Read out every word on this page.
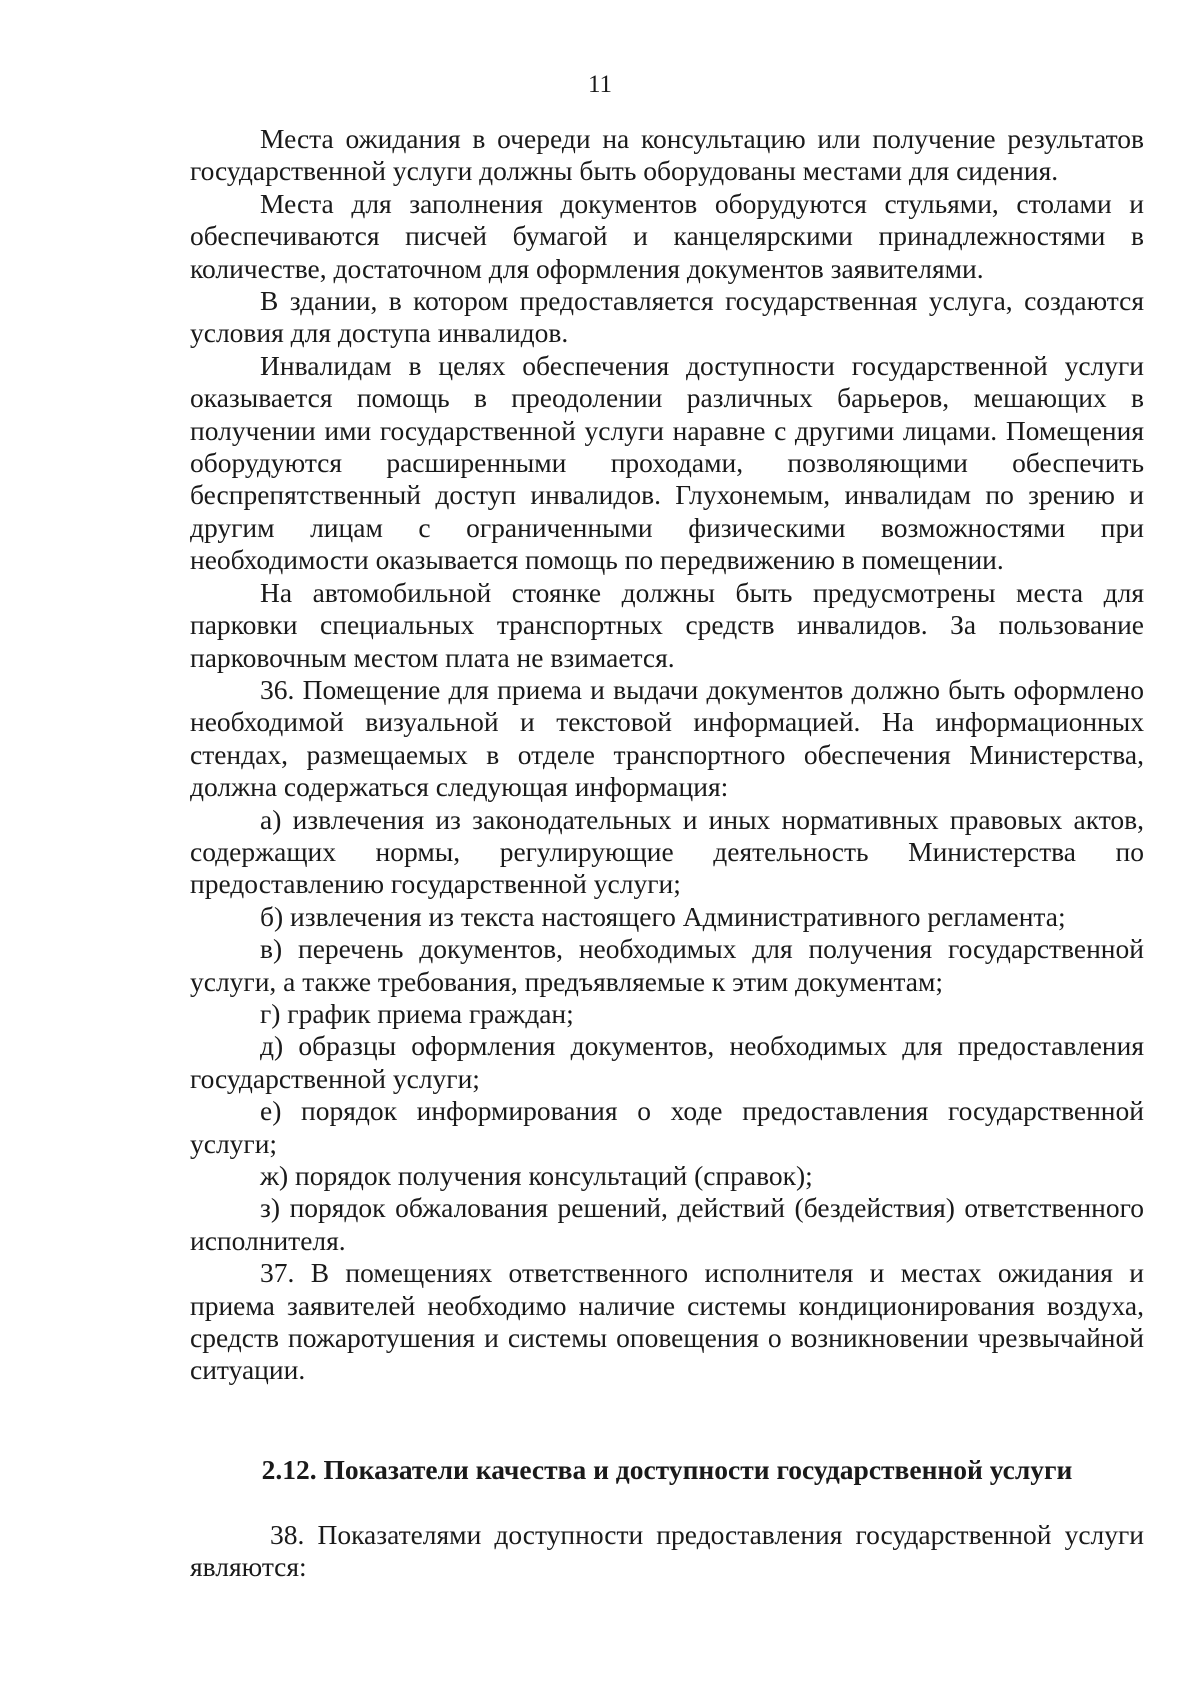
11

Места ожидания в очереди на консультацию или получение результатов государственной услуги должны быть оборудованы местами для сидения.

Места для заполнения документов оборудуются стульями, столами и обеспечиваются писчей бумагой и канцелярскими принадлежностями в количестве, достаточном для оформления документов заявителями.

В здании, в котором предоставляется государственная услуга, создаются условия для доступа инвалидов.

Инвалидам в целях обеспечения доступности государственной услуги оказывается помощь в преодолении различных барьеров, мешающих в получении ими государственной услуги наравне с другими лицами. Помещения оборудуются расширенными проходами, позволяющими обеспечить беспрепятственный доступ инвалидов. Глухонемым, инвалидам по зрению и другим лицам с ограниченными физическими возможностями при необходимости оказывается помощь по передвижению в помещении.

На автомобильной стоянке должны быть предусмотрены места для парковки специальных транспортных средств инвалидов. За пользование парковочным местом плата не взимается.

36. Помещение для приема и выдачи документов должно быть оформлено необходимой визуальной и текстовой информацией. На информационных стендах, размещаемых в отделе транспортного обеспечения Министерства, должна содержаться следующая информация:

а) извлечения из законодательных и иных нормативных правовых актов, содержащих нормы, регулирующие деятельность Министерства по предоставлению государственной услуги;

б) извлечения из текста настоящего Административного регламента;

в) перечень документов, необходимых для получения государственной услуги, а также требования, предъявляемые к этим документам;

г) график приема граждан;

д) образцы оформления документов, необходимых для предоставления государственной услуги;

е) порядок информирования о ходе предоставления государственной услуги;

ж) порядок получения консультаций (справок);

з) порядок обжалования решений, действий (бездействия) ответственного исполнителя.

37. В помещениях ответственного исполнителя и местах ожидания и приема заявителей необходимо наличие системы кондиционирования воздуха, средств пожаротушения и системы оповещения о возникновении чрезвычайной ситуации.

2.12. Показатели качества и доступности государственной услуги

38. Показателями доступности предоставления государственной услуги являются:
